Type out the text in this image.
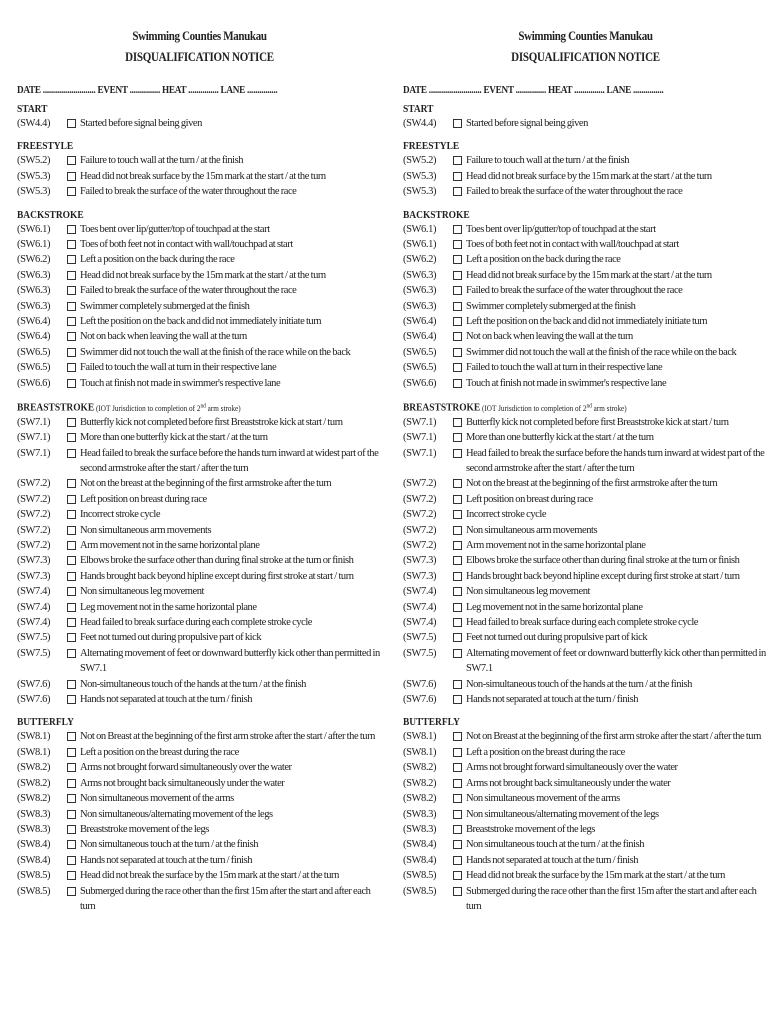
Swimming Counties Manukau
DISQUALIFICATION NOTICE
DATE .......................... EVENT ............... HEAT ............... LANE ...............
START
(SW4.4)	Started before signal being given
FREESTYLE
(SW5.2)	Failure to touch wall at the turn / at the finish
(SW5.3)	Head did not break surface by the 15m mark at the start / at the turn
(SW5.3)	Failed to break the surface of the water throughout the race
BACKSTROKE
(SW6.1)	Toes bent over lip/gutter/top of touchpad at the start
(SW6.1)	Toes of both feet not in contact with wall/touchpad at start
(SW6.2)	Left a position on the back during the race
(SW6.3)	Head did not break surface by the 15m mark at the start / at the turn
(SW6.3)	Failed to break the surface of the water throughout the race
(SW6.3)	Swimmer completely submerged at the finish
(SW6.4)	Left the position on the back and did not immediately initiate turn
(SW6.4)	Not on back when leaving the wall at the turn
(SW6.5)	Swimmer did not touch the wall at the finish of the race while on the back
(SW6.5)	Failed to touch the wall at turn in their respective lane
(SW6.6)	Touch at finish not made in swimmer's respective lane
BREASTSTROKE (IOT Jurisdiction to completion of 2nd arm stroke)
(SW7.1)	Butterfly kick not completed before first Breaststroke kick at start / turn
(SW7.1)	More than one butterfly kick at the start / at the turn
(SW7.1)	Head failed to break the surface before the hands turn inward at widest part of the second armstroke after the start / after the turn
(SW7.2)	Not on the breast at the beginning of the first armstroke after the turn
(SW7.2)	Left position on breast during race
(SW7.2)	Incorrect stroke cycle
(SW7.2)	Non simultaneous arm movements
(SW7.2)	Arm movement not in the same horizontal plane
(SW7.3)	Elbows broke the surface other than during final stroke at the turn or finish
(SW7.3)	Hands brought back beyond hipline except during first stroke at start / turn
(SW7.4)	Non simultaneous leg movement
(SW7.4)	Leg movement not in the same horizontal plane
(SW7.4)	Head failed to break surface during each complete stroke cycle
(SW7.5)	Feet not turned out during propulsive part of kick
(SW7.5)	Alternating movement of feet or downward butterfly kick other than permitted in SW7.1
(SW7.6)	Non-simultaneous touch of the hands at the turn / at the finish
(SW7.6)	Hands not separated at touch at the turn / finish
BUTTERFLY
(SW8.1)	Not on Breast at the beginning of the first arm stroke after the start / after the turn
(SW8.1)	Left a position on the breast during the race
(SW8.2)	Arms not brought forward simultaneously over the water
(SW8.2)	Arms not brought back simultaneously under the water
(SW8.2)	Non simultaneous movement of the arms
(SW8.3)	Non simultaneous/alternating movement of the legs
(SW8.3)	Breaststroke movement of the legs
(SW8.4)	Non simultaneous touch at the turn / at the finish
(SW8.4)	Hands not separated at touch at the turn / finish
(SW8.5)	Head did not break the surface by the 15m mark at the start / at the turn
(SW8.5)	Submerged during the race other than the first 15m after the start and after each turn
Swimming Counties Manukau
DISQUALIFICATION NOTICE
DATE .......................... EVENT ............... HEAT ............... LANE ...............
START
(SW4.4)	Started before signal being given
FREESTYLE
(SW5.2)	Failure to touch wall at the turn / at the finish
(SW5.3)	Head did not break surface by the 15m mark at the start / at the turn
(SW5.3)	Failed to break the surface of the water throughout the race
BACKSTROKE
(SW6.1)	Toes bent over lip/gutter/top of touchpad at the start
(SW6.1)	Toes of both feet not in contact with wall/touchpad at start
(SW6.2)	Left a position on the back during the race
(SW6.3)	Head did not break surface by the 15m mark at the start / at the turn
(SW6.3)	Failed to break the surface of the water throughout the race
(SW6.3)	Swimmer completely submerged at the finish
(SW6.4)	Left the position on the back and did not immediately initiate turn
(SW6.4)	Not on back when leaving the wall at the turn
(SW6.5)	Swimmer did not touch the wall at the finish of the race while on the back
(SW6.5)	Failed to touch the wall at turn in their respective lane
(SW6.6)	Touch at finish not made in swimmer's respective lane
BREASTSTROKE (IOT Jurisdiction to completion of 2nd arm stroke)
(SW7.1)	Butterfly kick not completed before first Breaststroke kick at start / turn
(SW7.1)	More than one butterfly kick at the start / at the turn
(SW7.1)	Head failed to break the surface before the hands turn inward at widest part of the second armstroke after the start / after the turn
(SW7.2)	Not on the breast at the beginning of the first armstroke after the turn
(SW7.2)	Left position on breast during race
(SW7.2)	Incorrect stroke cycle
(SW7.2)	Non simultaneous arm movements
(SW7.2)	Arm movement not in the same horizontal plane
(SW7.3)	Elbows broke the surface other than during final stroke at the turn or finish
(SW7.3)	Hands brought back beyond hipline except during first stroke at start / turn
(SW7.4)	Non simultaneous leg movement
(SW7.4)	Leg movement not in the same horizontal plane
(SW7.4)	Head failed to break surface during each complete stroke cycle
(SW7.5)	Feet not turned out during propulsive part of kick
(SW7.5)	Alternating movement of feet or downward butterfly kick other than permitted in SW7.1
(SW7.6)	Non-simultaneous touch of the hands at the turn / at the finish
(SW7.6)	Hands not separated at touch at the turn / finish
BUTTERFLY
(SW8.1)	Not on Breast at the beginning of the first arm stroke after the start / after the turn
(SW8.1)	Left a position on the breast during the race
(SW8.2)	Arms not brought forward simultaneously over the water
(SW8.2)	Arms not brought back simultaneously under the water
(SW8.2)	Non simultaneous movement of the arms
(SW8.3)	Non simultaneous/alternating movement of the legs
(SW8.3)	Breaststroke movement of the legs
(SW8.4)	Non simultaneous touch at the turn / at the finish
(SW8.4)	Hands not separated at touch at the turn / finish
(SW8.5)	Head did not break the surface by the 15m mark at the start / at the turn
(SW8.5)	Submerged during the race other than the first 15m after the start and after each turn
